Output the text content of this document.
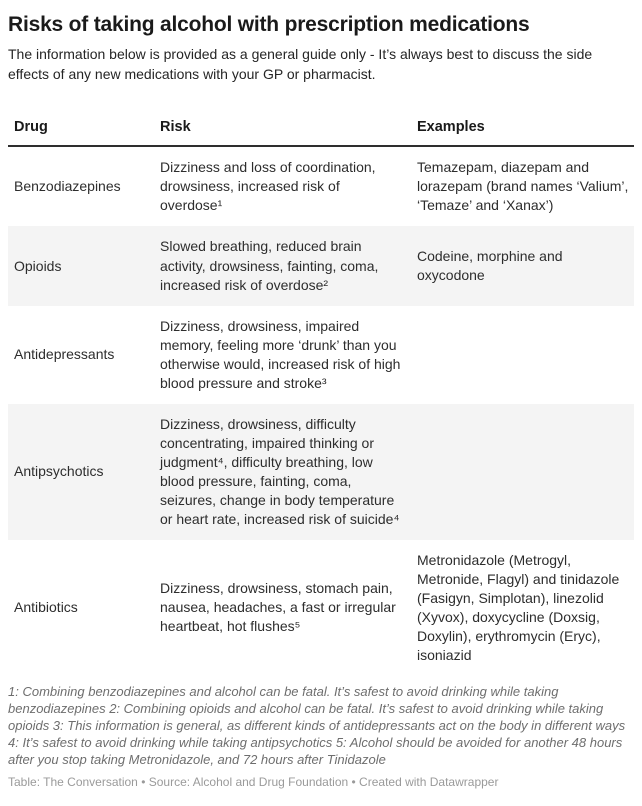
Risks of taking alcohol with prescription medications

The information below is provided as a general guide only - It’s always best to discuss the side effects of any new medications with your GP or pharmacist.

Drug	Risk	Examples
Benzodiazepines
Dizziness and loss of coordination, drowsiness, increased risk of overdose¹
Temazepam, diazepam and lorazepam (brand names ‘Valium’, ‘Temaze’ and ‘Xanax’)
Opioids
Slowed breathing, reduced brain activity, drowsiness, fainting, coma, increased risk of overdose²
Codeine, morphine and oxycodone
Antidepressants
Dizziness, drowsiness, impaired memory, feeling more ‘drunk’ than you otherwise would, increased risk of high blood pressure and stroke³
Antipsychotics
Dizziness, drowsiness, difficulty concentrating, impaired thinking or judgment⁴, difficulty breathing, low blood pressure, fainting, coma, seizures, change in body temperature or heart rate, increased risk of suicide⁴
Antibiotics
Dizziness, drowsiness, stomach pain, nausea, headaches, a fast or irregular heartbeat, hot flushes⁵
Metronidazole (Metrogyl, Metronide, Flagyl) and tinidazole (Fasigyn, Simplotan), linezolid (Xyvox), doxycycline (Doxsig, Doxylin), erythromycin (Eryc), isoniazid

1: Combining benzodiazepines and alcohol can be fatal. It’s safest to avoid drinking while taking benzodiazepines 2: Combining opioids and alcohol can be fatal. It’s safest to avoid drinking while taking opioids 3: This information is general, as different kinds of antidepressants act on the body in different ways 4: It’s safest to avoid drinking while taking antipsychotics 5: Alcohol should be avoided for another 48 hours after you stop taking Metronidazole, and 72 hours after Tinidazole

Table: The Conversation • Source: Alcohol and Drug Foundation • Created with Datawrapper
